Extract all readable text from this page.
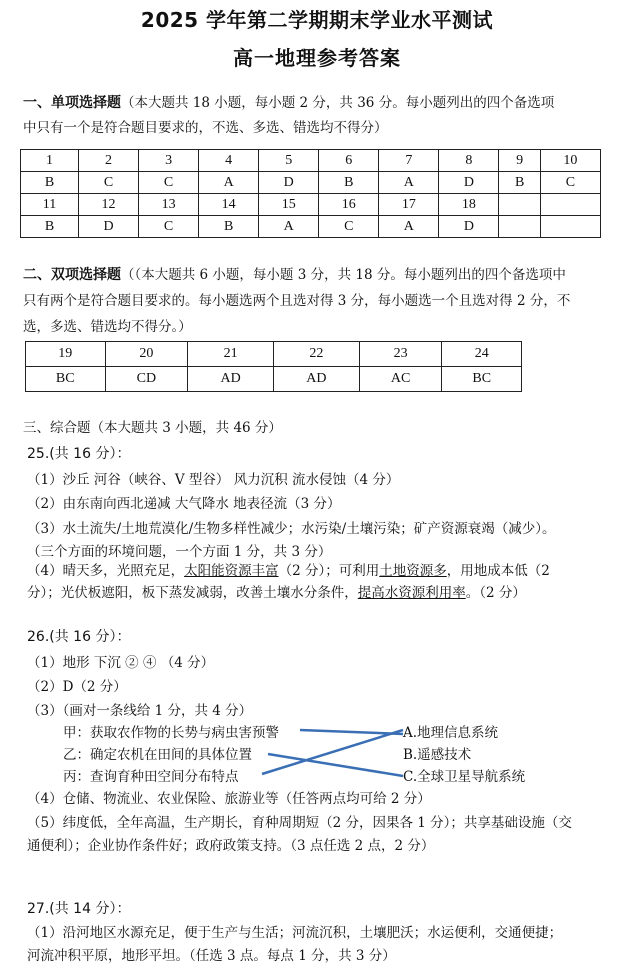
2025 学年第二学期期末学业水平测试
高一地理参考答案
一、单项选择题（本大题共 18 小题，每小题 2 分，共 36 分。每小题列出的四个备选项
中只有一个是符合题目要求的，不选、多选、错选均不得分）
1	2	3	4	5	6	7	8	9	10
B	C	C	A	D	B	A	D	B	C
11	12	13	14	15	16	17	18		
B	D	C	B	A	C	A	D		
二、双项选择题（（本大题共 6 小题，每小题 3 分，共 18 分。每小题列出的四个备选项中
只有两个是符合题目要求的。每小题选两个且选对得 3 分，每小题选一个且选对得 2 分，不
选，多选、错选均不得分。）
19	20	21	22	23	24
BC	CD	AD	AD	AC	BC
三、综合题（本大题共 3 小题，共 46 分）
25.(共 16 分）：
（1）沙丘 河谷（峡谷、V 型谷） 风力沉积 流水侵蚀（4 分）
（2）由东南向西北递减 大气降水 地表径流（3 分）
（3）水土流失/土地荒漠化/生物多样性减少；水污染/土壤污染；矿产资源衰竭（减少）。
（三个方面的环境问题，一个方面 1 分，共 3 分）
（4）晴天多，光照充足，太阳能资源丰富（2 分）；可利用土地资源多，用地成本低（2
分）；光伏板遮阳，板下蒸发减弱，改善土壤水分条件，提高水资源利用率。（2 分）
26.(共 16 分）：
（1）地形 下沉 ② ④ （4 分）
（2）D（2 分）
（3）（画对一条线给 1 分，共 4 分）
甲：获取农作物的长势与病虫害预警
乙：确定农机在田间的具体位置
丙：查询育种田空间分布特点
A.地理信息系统
B.遥感技术
C.全球卫星导航系统
（4）仓储、物流业、农业保险、旅游业等（任答两点均可给 2 分）
（5）纬度低，全年高温，生产期长，育种周期短（2 分，因果各 1 分）；共享基础设施（交
通便利）；企业协作条件好；政府政策支持。（3 点任选 2 点，2 分）
27.(共 14 分）：
（1）沿河地区水源充足，便于生产与生活；河流沉积，土壤肥沃；水运便利，交通便捷；
河流冲积平原，地形平坦。（任选 3 点。每点 1 分，共 3 分）
